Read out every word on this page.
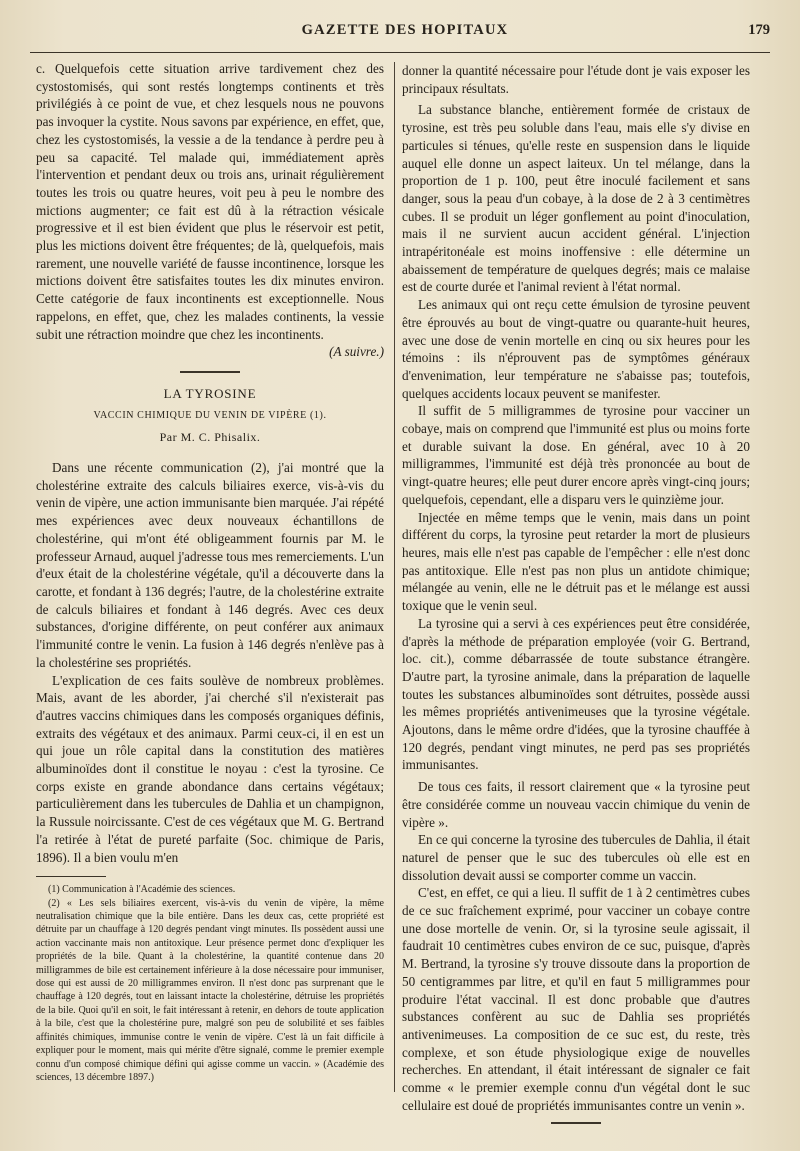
GAZETTE DES HOPITAUX	179

c. Quelquefois cette situation arrive tardivement chez des cystostomisés, qui sont restés longtemps continents et très privilégiés à ce point de vue, et chez lesquels nous ne pouvons pas invoquer la cystite. Nous savons par expérience, en effet, que, chez les cystostomisés, la vessie a de la tendance à perdre peu à peu sa capacité. Tel malade qui, immédiatement après l'intervention et pendant deux ou trois ans, urinait régulièrement toutes les trois ou quatre heures, voit peu à peu le nombre des mictions augmenter; ce fait est dû à la rétraction vésicale progressive et il est bien évident que plus le réservoir est petit, plus les mictions doivent être fréquentes; de là, quelquefois, mais rarement, une nouvelle variété de fausse incontinence, lorsque les mictions doivent être satisfaites toutes les dix minutes environ. Cette catégorie de faux incontinents est exceptionnelle. Nous rappelons, en effet, que, chez les malades continents, la vessie subit une rétraction moindre que chez les incontinents.

(A suivre.)

LA TYROSINE
VACCIN CHIMIQUE DU VENIN DE VIPÈRE (1).
Par M. C. Phisalix.

Dans une récente communication (2), j'ai montré que la cholestérine extraite des calculs biliaires exerce, vis-à-vis du venin de vipère, une action immunisante bien marquée. J'ai répété mes expériences avec deux nouveaux échantillons de cholestérine, qui m'ont été obligeamment fournis par M. le professeur Arnaud, auquel j'adresse tous mes remerciements. L'un d'eux était de la cholestérine végétale, qu'il a découverte dans la carotte, et fondant à 136 degrés; l'autre, de la cholestérine extraite de calculs biliaires et fondant à 146 degrés. Avec ces deux substances, d'origine différente, on peut conférer aux animaux l'immunité contre le venin. La fusion à 146 degrés n'enlève pas à la cholestérine ses propriétés.

L'explication de ces faits soulève de nombreux problèmes. Mais, avant de les aborder, j'ai cherché s'il n'existerait pas d'autres vaccins chimiques dans les composés organiques définis, extraits des végétaux et des animaux. Parmi ceux-ci, il en est un qui joue un rôle capital dans la constitution des matières albuminoïdes dont il constitue le noyau : c'est la tyrosine. Ce corps existe en grande abondance dans certains végétaux; particulièrement dans les tubercules de Dahlia et un champignon, la Russule noircissante. C'est de ces végétaux que M. G. Bertrand l'a retirée à l'état de pureté parfaite (Soc. chimique de Paris, 1896). Il a bien voulu m'en

(1) Communication à l'Académie des sciences.

(2) « Les sels biliaires exercent, vis-à-vis du venin de vipère, la même neutralisation chimique que la bile entière. Dans les deux cas, cette propriété est détruite par un chauffage à 120 degrés pendant vingt minutes. Ils possèdent aussi une action vaccinante mais non antitoxique. Leur présence permet donc d'expliquer les propriétés de la bile. Quant à la cholestérine, la quantité contenue dans 20 milligrammes de bile est certainement inférieure à la dose nécessaire pour immuniser, dose qui est aussi de 20 milligrammes environ. Il n'est donc pas surprenant que le chauffage à 120 degrés, tout en laissant intacte la cholestérine, détruise les propriétés de la bile. Quoi qu'il en soit, le fait intéressant à retenir, en dehors de toute application à la bile, c'est que la cholestérine pure, malgré son peu de solubilité et ses faibles affinités chimiques, immunise contre le venin de vipère. C'est là un fait difficile à expliquer pour le moment, mais qui mérite d'être signalé, comme le premier exemple connu d'un composé chimique défini qui agisse comme un vaccin. » (Académie des sciences, 13 décembre 1897.)

donner la quantité nécessaire pour l'étude dont je vais exposer les principaux résultats.

La substance blanche, entièrement formée de cristaux de tyrosine, est très peu soluble dans l'eau, mais elle s'y divise en particules si ténues, qu'elle reste en suspension dans le liquide auquel elle donne un aspect laiteux. Un tel mélange, dans la proportion de 1 p. 100, peut être inoculé facilement et sans danger, sous la peau d'un cobaye, à la dose de 2 à 3 centimètres cubes. Il se produit un léger gonflement au point d'inoculation, mais il ne survient aucun accident général. L'injection intrapéritonéale est moins inoffensive : elle détermine un abaissement de température de quelques degrés; mais ce malaise est de courte durée et l'animal revient à l'état normal.

Les animaux qui ont reçu cette émulsion de tyrosine peuvent être éprouvés au bout de vingt-quatre ou quarante-huit heures, avec une dose de venin mortelle en cinq ou six heures pour les témoins : ils n'éprouvent pas de symptômes généraux d'envenimation, leur température ne s'abaisse pas; toutefois, quelques accidents locaux peuvent se manifester.

Il suffit de 5 milligrammes de tyrosine pour vacciner un cobaye, mais on comprend que l'immunité est plus ou moins forte et durable suivant la dose. En général, avec 10 à 20 milligrammes, l'immunité est déjà très prononcée au bout de vingt-quatre heures; elle peut durer encore après vingt-cinq jours; quelquefois, cependant, elle a disparu vers le quinzième jour.

Injectée en même temps que le venin, mais dans un point différent du corps, la tyrosine peut retarder la mort de plusieurs heures, mais elle n'est pas capable de l'empêcher : elle n'est donc pas antitoxique. Elle n'est pas non plus un antidote chimique; mélangée au venin, elle ne le détruit pas et le mélange est aussi toxique que le venin seul.

La tyrosine qui a servi à ces expériences peut être considérée, d'après la méthode de préparation employée (voir G. Bertrand, loc. cit.), comme débarrassée de toute substance étrangère. D'autre part, la tyrosine animale, dans la préparation de laquelle toutes les substances albuminoïdes sont détruites, possède aussi les mêmes propriétés antivenimeuses que la tyrosine végétale. Ajoutons, dans le même ordre d'idées, que la tyrosine chauffée à 120 degrés, pendant vingt minutes, ne perd pas ses propriétés immunisantes.

De tous ces faits, il ressort clairement que « la tyrosine peut être considérée comme un nouveau vaccin chimique du venin de vipère ».

En ce qui concerne la tyrosine des tubercules de Dahlia, il était naturel de penser que le suc des tubercules où elle est en dissolution devait aussi se comporter comme un vaccin.

C'est, en effet, ce qui a lieu. Il suffit de 1 à 2 centimètres cubes de ce suc fraîchement exprimé, pour vacciner un cobaye contre une dose mortelle de venin. Or, si la tyrosine seule agissait, il faudrait 10 centimètres cubes environ de ce suc, puisque, d'après M. Bertrand, la tyrosine s'y trouve dissoute dans la proportion de 50 centigrammes par litre, et qu'il en faut 5 milligrammes pour produire l'état vaccinal. Il est donc probable que d'autres substances confèrent au suc de Dahlia ses propriétés antivenimeuses. La composition de ce suc est, du reste, très complexe, et son étude physiologique exige de nouvelles recherches. En attendant, il était intéressant de signaler ce fait comme « le premier exemple connu d'un végétal dont le suc cellulaire est doué de propriétés immunisantes contre un venin ».
